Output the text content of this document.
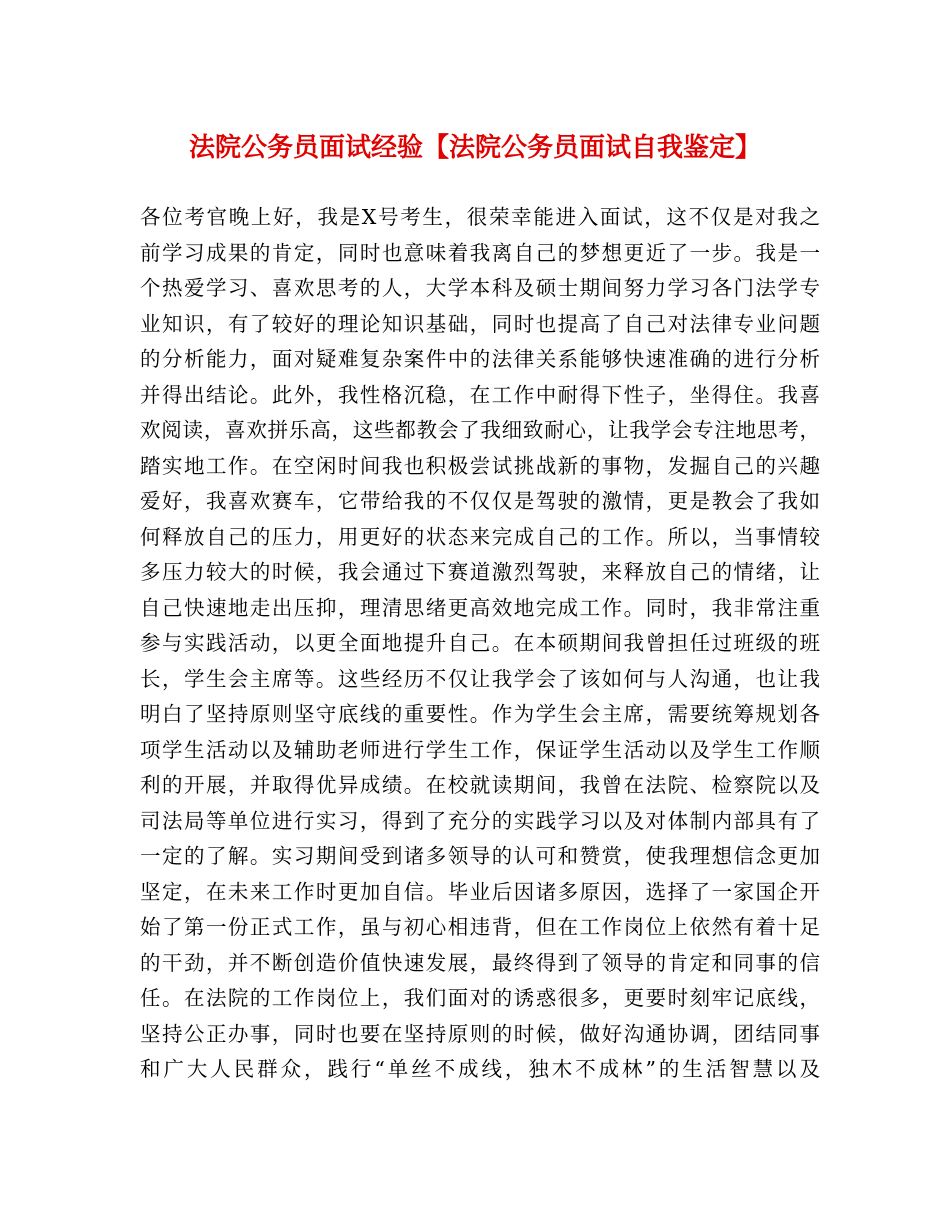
法院公务员面试经验【法院公务员面试自我鉴定】
各位考官晚上好，我是X号考生，很荣幸能进入面试，这不仅是对我之
前学习成果的肯定，同时也意味着我离自己的梦想更近了一步。我是一
个热爱学习、喜欢思考的人，大学本科及硕士期间努力学习各门法学专
业知识，有了较好的理论知识基础，同时也提高了自己对法律专业问题
的分析能力，面对疑难复杂案件中的法律关系能够快速准确的进行分析
并得出结论。此外，我性格沉稳，在工作中耐得下性子，坐得住。我喜
欢阅读，喜欢拼乐高，这些都教会了我细致耐心，让我学会专注地思考，
踏实地工作。在空闲时间我也积极尝试挑战新的事物，发掘自己的兴趣
爱好，我喜欢赛车，它带给我的不仅仅是驾驶的激情，更是教会了我如
何释放自己的压力，用更好的状态来完成自己的工作。所以，当事情较
多压力较大的时候，我会通过下赛道激烈驾驶，来释放自己的情绪，让
自己快速地走出压抑，理清思绪更高效地完成工作。同时，我非常注重
参与实践活动，以更全面地提升自己。在本硕期间我曾担任过班级的班
长，学生会主席等。这些经历不仅让我学会了该如何与人沟通，也让我
明白了坚持原则坚守底线的重要性。作为学生会主席，需要统筹规划各
项学生活动以及辅助老师进行学生工作，保证学生活动以及学生工作顺
利的开展，并取得优异成绩。在校就读期间，我曾在法院、检察院以及
司法局等单位进行实习，得到了充分的实践学习以及对体制内部具有了
一定的了解。实习期间受到诸多领导的认可和赞赏，使我理想信念更加
坚定，在未来工作时更加自信。毕业后因诸多原因，选择了一家国企开
始了第一份正式工作，虽与初心相违背，但在工作岗位上依然有着十足
的干劲，并不断创造价值快速发展，最终得到了领导的肯定和同事的信
任。在法院的工作岗位上，我们面对的诱惑很多，更要时刻牢记底线，
坚持公正办事，同时也要在坚持原则的时候，做好沟通协调，团结同事
和广大人民群众，践行“单丝不成线，独木不成林”的生活智慧以及
